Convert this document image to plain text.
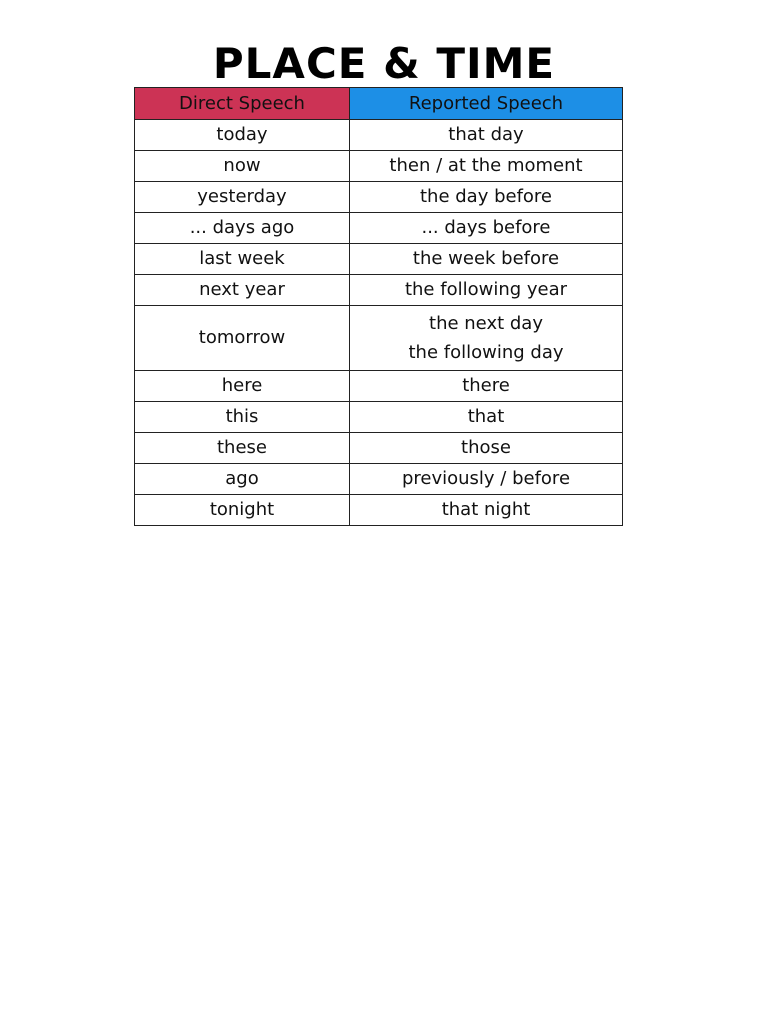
PLACE & TIME
Direct Speech	Reported Speech
today	that day
now	then / at the moment
yesterday	the day before
... days ago	... days before
last week	the week before
next year	the following year
tomorrow	the next day
the following day

here	there
this	that
these	those
ago	previously / before
tonight	that night
